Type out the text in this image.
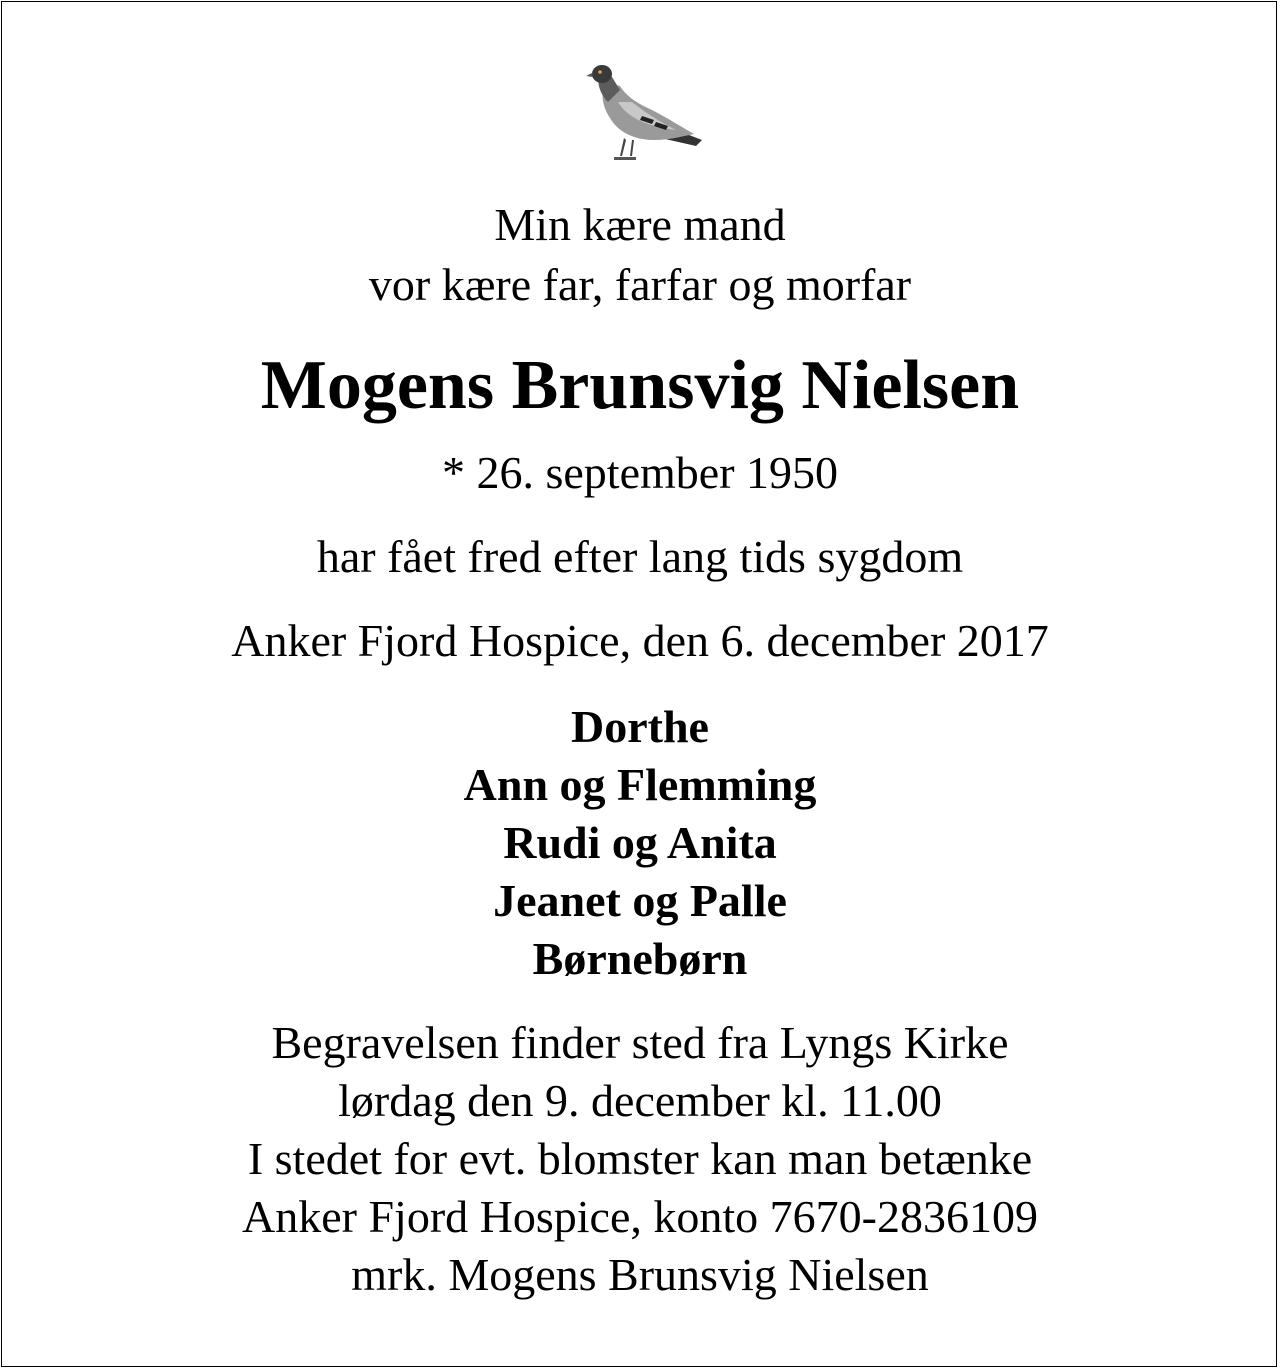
Min kære mand
vor kære far, farfar og morfar
Mogens Brunsvig Nielsen
* 26. september 1950
har fået fred efter lang tids sygdom
Anker Fjord Hospice, den 6. december 2017
Dorthe
Ann og Flemming
Rudi og Anita
Jeanet og Palle
Børnebørn
Begravelsen finder sted fra Lyngs Kirke
lørdag den 9. december kl. 11.00
I stedet for evt. blomster kan man betænke
Anker Fjord Hospice, konto 7670-2836109
mrk. Mogens Brunsvig Nielsen
